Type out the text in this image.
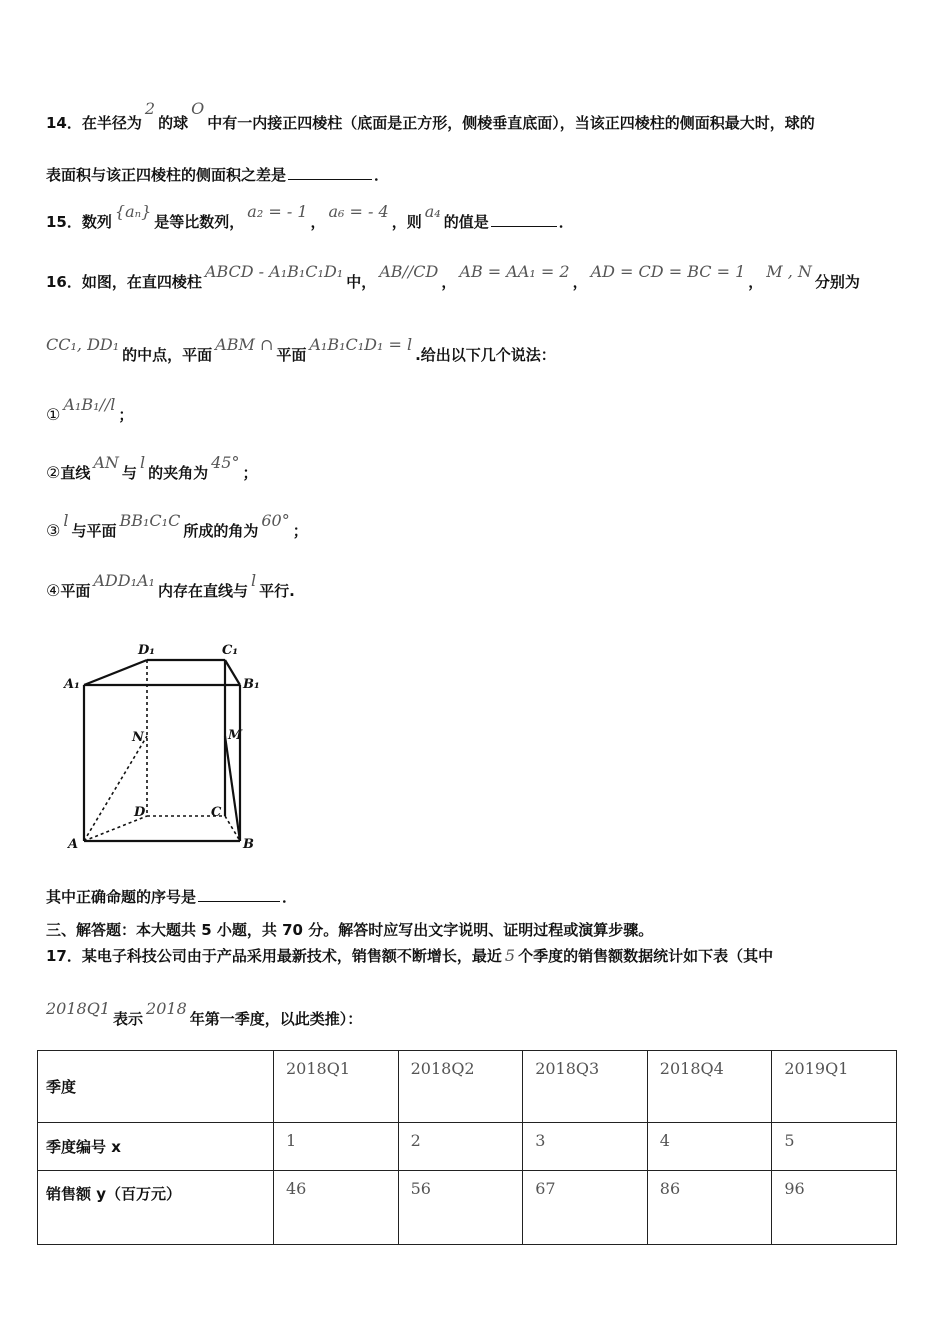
14．在半径为2的球O中有一内接正四棱柱（底面是正方形，侧棱垂直底面），当该正四棱柱的侧面积最大时，球的
表面积与该正四棱柱的侧面积之差是	．
15．数列{aₙ}是等比数列，a₂ = - 1，a₆ = - 4，则a₄的值是	．
16．如图，在直四棱柱ABCD - A₁B₁C₁D₁中，AB//CD，AB = AA₁ = 2，AD = CD = BC = 1，M , N分别为
CC₁, DD₁的中点，平面ABM ∩平面A₁B₁C₁D₁ = l.给出以下几个说法：
①A₁B₁//l；
②直线AN与l的夹角为45°；
③l与平面BB₁C₁C所成的角为60°；
④平面ADD₁A₁内存在直线与l平行.
A₁
D₁	C₁
B₁
N	M
D	C
A	B
其中正确命题的序号是	．
三、解答题：本大题共 5 小题，共 70 分。解答时应写出文字说明、证明过程或演算步骤。
17．某电子科技公司由于产品采用最新技术，销售额不断增长，最近 5 个季度的销售额数据统计如下表（其中
2018Q1表示2018年第一季度，以此类推）：
季度	2018Q1	2018Q2	2018Q3	2018Q4	2019Q1
季度编号 x	1	2	3	4	5
销售额 y（百万元）	46	56	67	86	96
